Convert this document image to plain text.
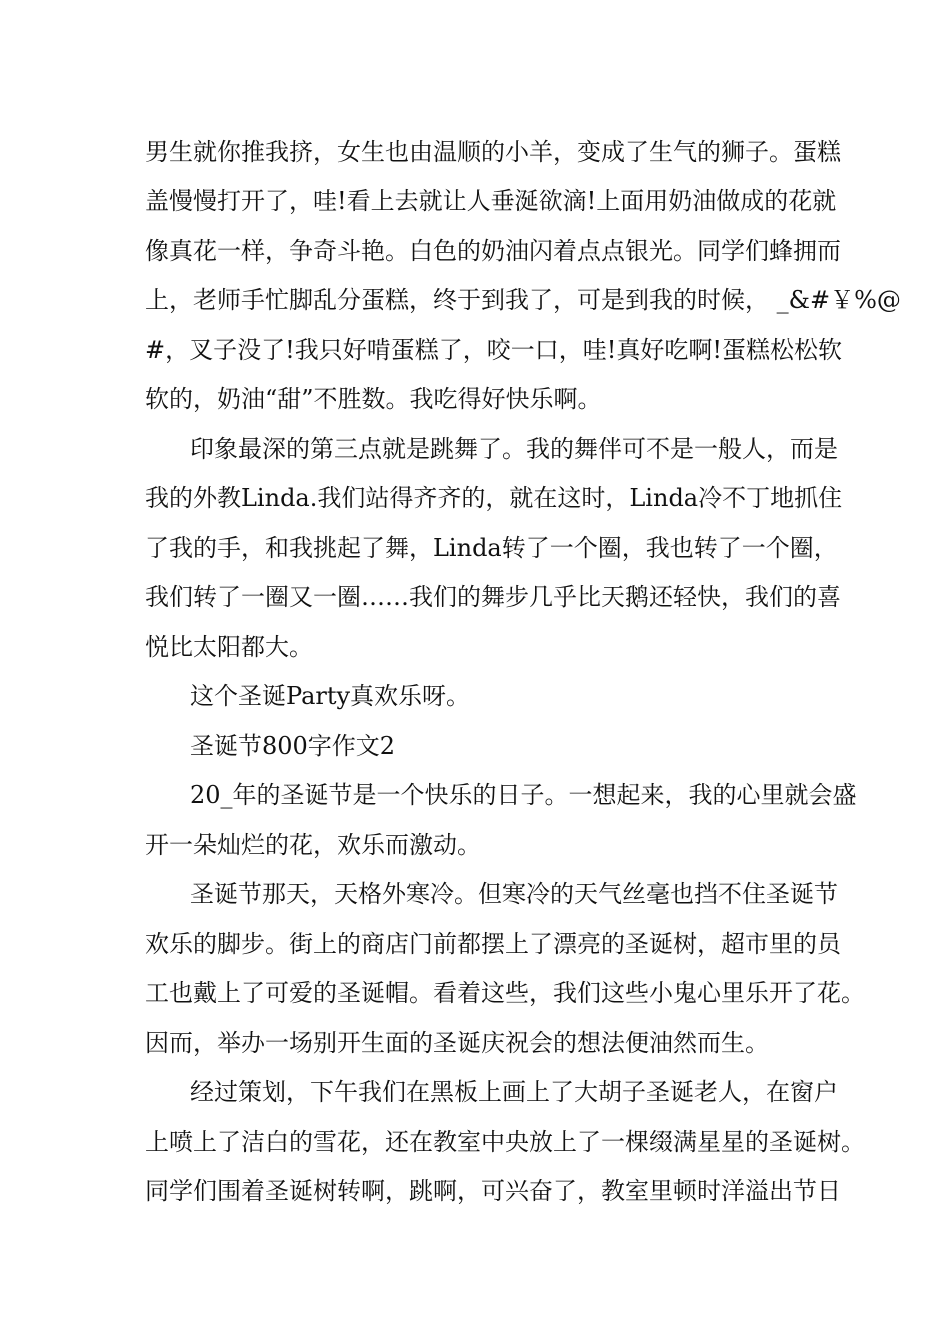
男生就你推我挤，女生也由温顺的小羊，变成了生气的狮子。蛋糕
盖慢慢打开了，哇!看上去就让人垂涎欲滴!上面用奶油做成的花就
像真花一样，争奇斗艳。白色的奶油闪着点点银光。同学们蜂拥而
上，老师手忙脚乱分蛋糕，终于到我了，可是到我的时候， _&#￥%@
#，叉子没了!我只好啃蛋糕了，咬一口，哇!真好吃啊!蛋糕松松软
软的，奶油“甜”不胜数。我吃得好快乐啊。
印象最深的第三点就是跳舞了。我的舞伴可不是一般人，而是
我的外教Linda.我们站得齐齐的，就在这时，Linda冷不丁地抓住
了我的手，和我挑起了舞，Linda转了一个圈，我也转了一个圈，
我们转了一圈又一圈……我们的舞步几乎比天鹅还轻快，我们的喜
悦比太阳都大。
这个圣诞Party真欢乐呀。
圣诞节800字作文2
20_年的圣诞节是一个快乐的日子。一想起来，我的心里就会盛
开一朵灿烂的花，欢乐而激动。
圣诞节那天，天格外寒冷。但寒冷的天气丝毫也挡不住圣诞节
欢乐的脚步。街上的商店门前都摆上了漂亮的圣诞树，超市里的员
工也戴上了可爱的圣诞帽。看着这些，我们这些小鬼心里乐开了花。
因而，举办一场别开生面的圣诞庆祝会的想法便油然而生。
经过策划，下午我们在黑板上画上了大胡子圣诞老人，在窗户
上喷上了洁白的雪花，还在教室中央放上了一棵缀满星星的圣诞树。
同学们围着圣诞树转啊，跳啊，可兴奋了，教室里顿时洋溢出节日
